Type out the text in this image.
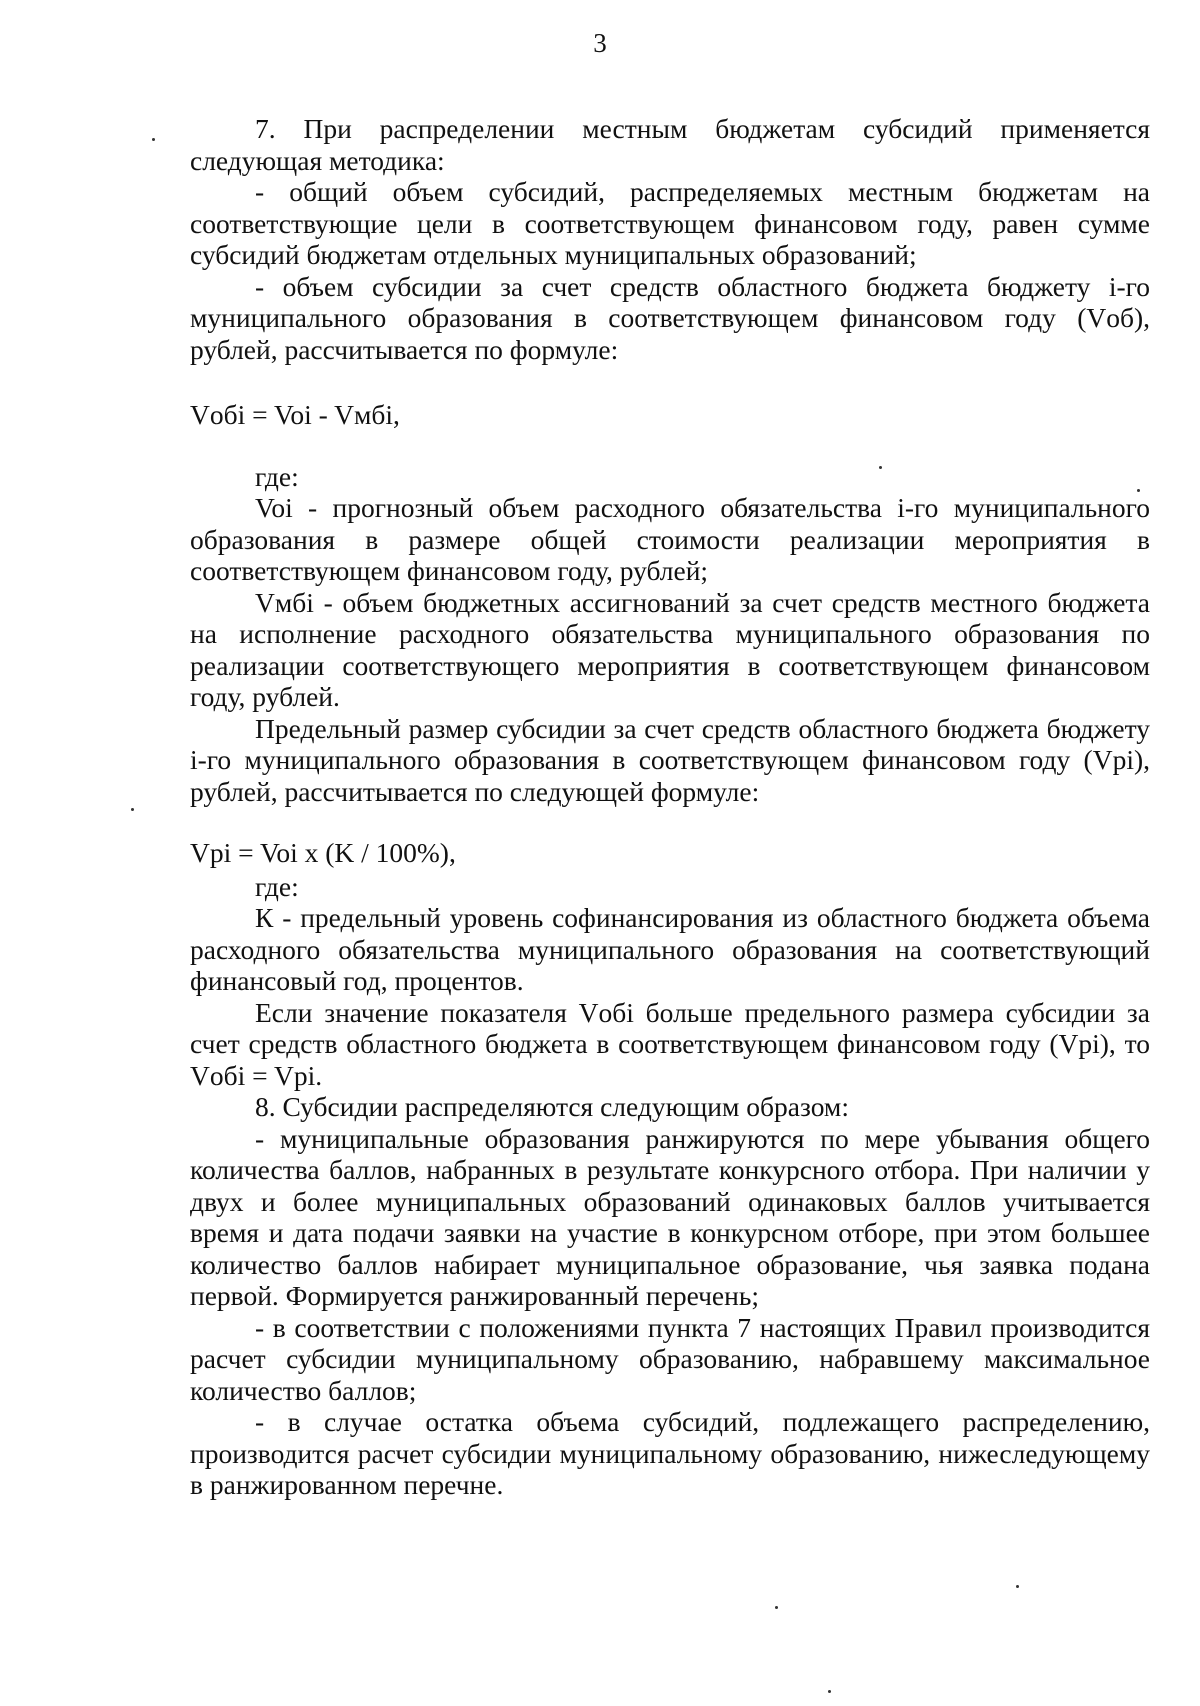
3

7. При распределении местным бюджетам субсидий применяется следующая методика:

- общий объем субсидий, распределяемых местным бюджетам на соответствующие цели в соответствующем финансовом году, равен сумме субсидий бюджетам отдельных муниципальных образований;

- объем субсидии за счет средств областного бюджета бюджету i-го муниципального образования в соответствующем финансовом году (Vоб), рублей, рассчитывается по формуле:

Vобi = Voi - Vмбi,

где:

Voi - прогнозный объем расходного обязательства i-го муниципального образования в размере общей стоимости реализации мероприятия в соответствующем финансовом году, рублей;

Vмбi - объем бюджетных ассигнований за счет средств местного бюджета на исполнение расходного обязательства муниципального образования по реализации соответствующего мероприятия в соответствующем финансовом году, рублей.

Предельный размер субсидии за счет средств областного бюджета бюджету i-го муниципального образования в соответствующем финансовом году (Vpi), рублей, рассчитывается по следующей формуле:

Vpi = Voi x (K / 100%),

где:

К - предельный уровень софинансирования из областного бюджета объема расходного обязательства муниципального образования на соответствующий финансовый год, процентов.

Если значение показателя Vобi больше предельного размера субсидии за счет средств областного бюджета в соответствующем финансовом году (Vpi), то Vобi = Vpi.

8. Субсидии распределяются следующим образом:

- муниципальные образования ранжируются по мере убывания общего количества баллов, набранных в результате конкурсного отбора. При наличии у двух и более муниципальных образований одинаковых баллов учитывается время и дата подачи заявки на участие в конкурсном отборе, при этом большее количество баллов набирает муниципальное образование, чья заявка подана первой. Формируется ранжированный перечень;

- в соответствии с положениями пункта 7 настоящих Правил производится расчет субсидии муниципальному образованию, набравшему максимальное количество баллов;

- в случае остатка объема субсидий, подлежащего распределению, производится расчет субсидии муниципальному образованию, нижеследующему в ранжированном перечне.
